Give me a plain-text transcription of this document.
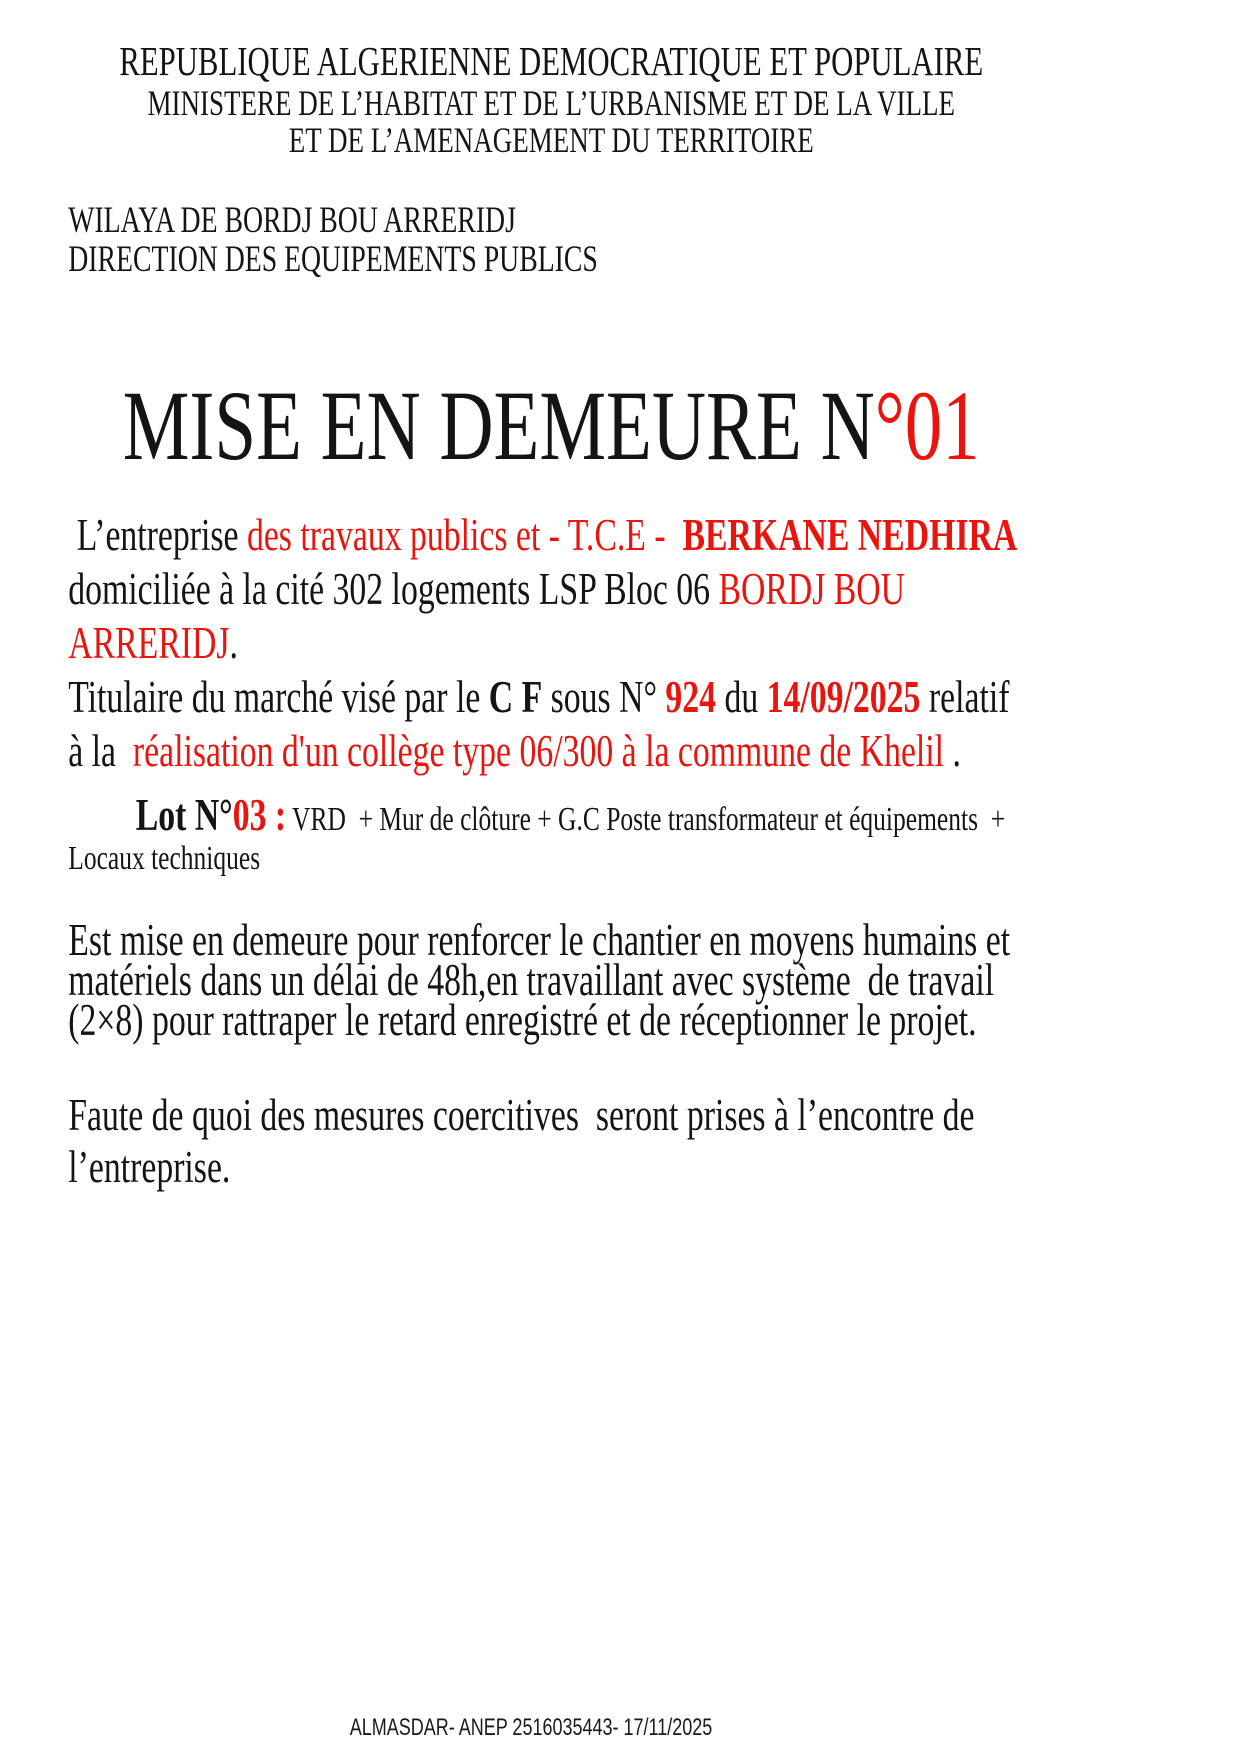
REPUBLIQUE ALGERIENNE DEMOCRATIQUE ET POPULAIRE
MINISTERE DE L’HABITAT ET DE L’URBANISME ET DE LA VILLE
ET DE L’AMENAGEMENT DU TERRITOIRE
WILAYA DE BORDJ BOU ARRERIDJ
DIRECTION DES EQUIPEMENTS PUBLICS
MISE EN DEMEURE N°01

L’entreprise des travaux publics et - T.C.E -  BERKANE NEDHIRA  domiciliée à la cité 302 logements LSP Bloc 06 BORDJ BOU ARRERIDJ.

Titulaire du marché visé par le C F sous N° 924 du 14/09/2025 relatif  à la  réalisation d'un collège type 06/300 à la commune de Khelil .

Lot N°03 : VRD  + Mur de clôture + G.C Poste transformateur et équipements  + Locaux techniques

Est mise en demeure pour renforcer le chantier en moyens humains et matériels dans un délai de 48h,en travaillant avec système  de travail (2×8) pour rattraper le retard enregistré et de réceptionner le projet.

Faute de quoi des mesures coercitives  seront prises à l’encontre de l’entreprise.

ALMASDAR- ANEP 2516035443- 17/11/2025
